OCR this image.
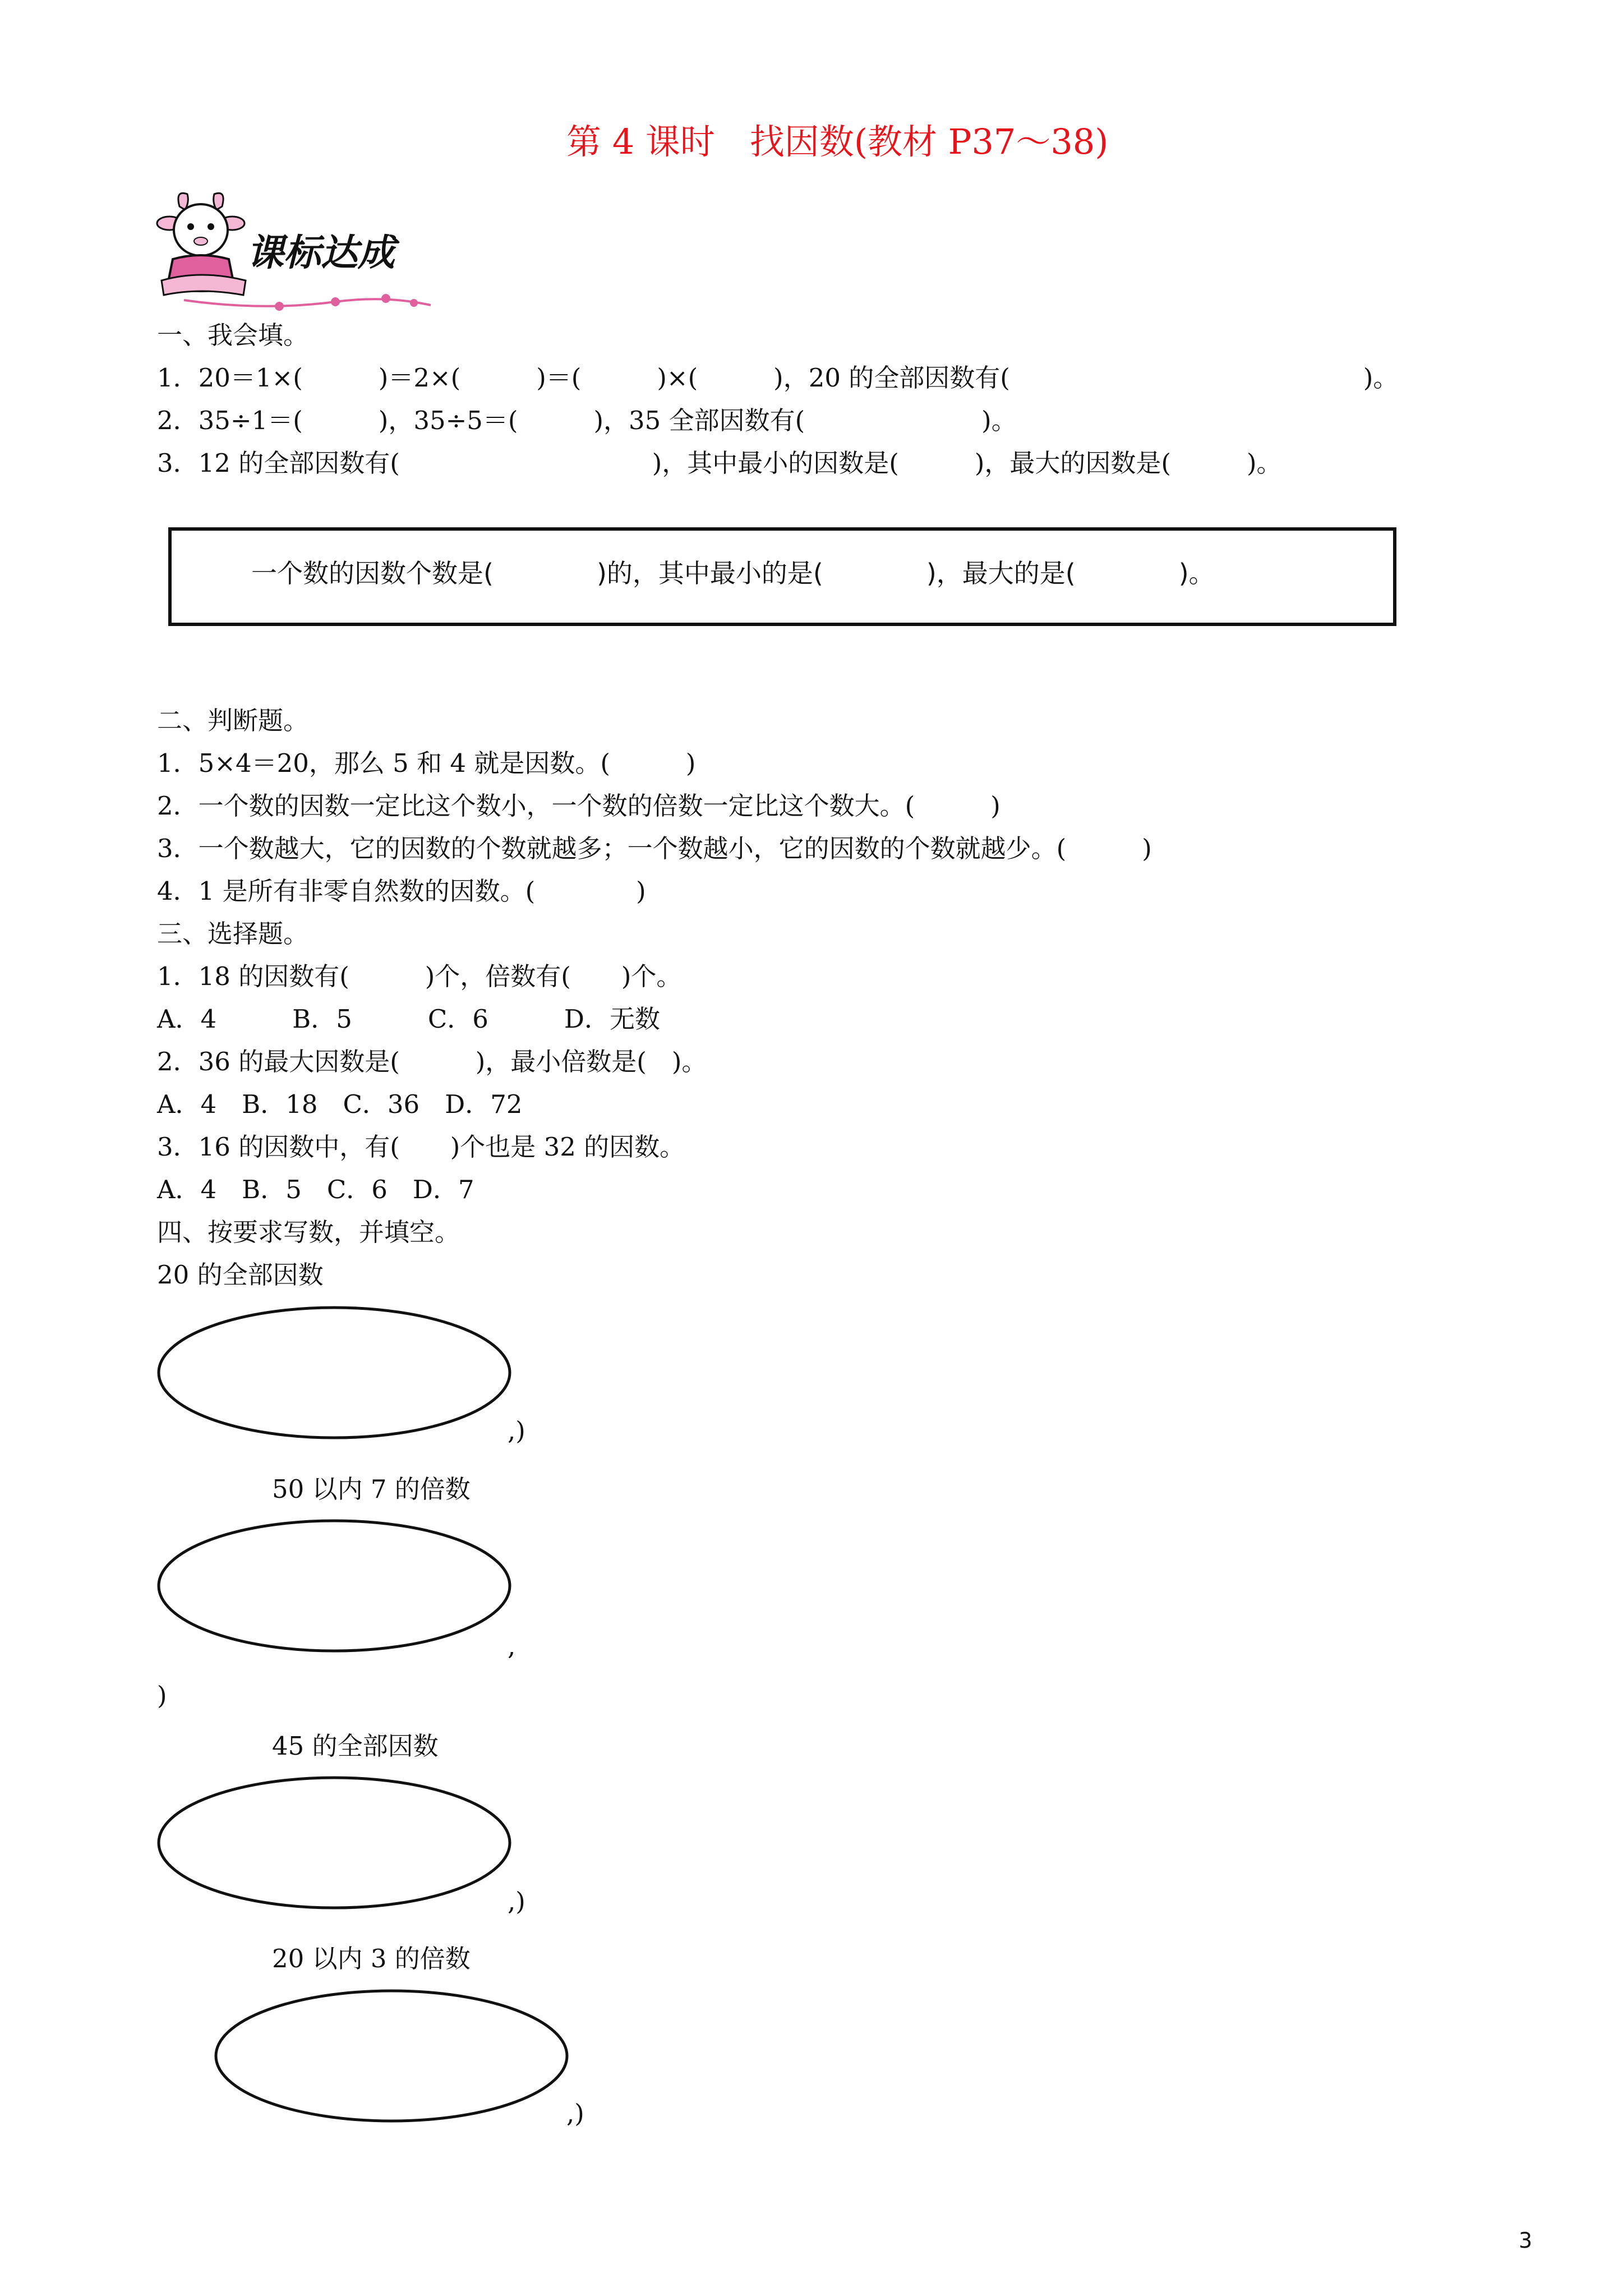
第 4 课时　找因数(教材 P37～38)

课标达成

一、我会填。
1．20＝1×(　　　)＝2×(　　　)＝(　　　)×(　　　)，20 的全部因数有(　　　　　　　　　　　　　　)。
2．35÷1＝(　　　)，35÷5＝(　　　)，35 全部因数有(　　　　　　　)。
3．12 的全部因数有(　　　　　　　　　　)，其中最小的因数是(　　　)，最大的因数是(　　　)。
一个数的因数个数是(　　　　)的，其中最小的是(　　　　)，最大的是(　　　　)。
二、判断题。
1．5×4＝20，那么 5 和 4 就是因数。(　　　)
2．一个数的因数一定比这个数小，一个数的倍数一定比这个数大。(　　　)
3．一个数越大，它的因数的个数就越多；一个数越小，它的因数的个数就越少。(　　　)
4．1 是所有非零自然数的因数。(　　　　)
三、选择题。
1．18 的因数有(　　　)个，倍数有(　　)个。
A．4　　　B．5　　　C．6　　　D．无数
2．36 的最大因数是(　　　)，最小倍数是(　)。
A．4　B．18　C．36　D．72
3．16 的因数中，有(　　)个也是 32 的因数。
A．4　B．5　C．6　D．7
四、按要求写数，并填空。
20 的全部因数
,)
50 以内 7 的倍数
,
)
45 的全部因数
,)
20 以内 3 的倍数
,)
3
